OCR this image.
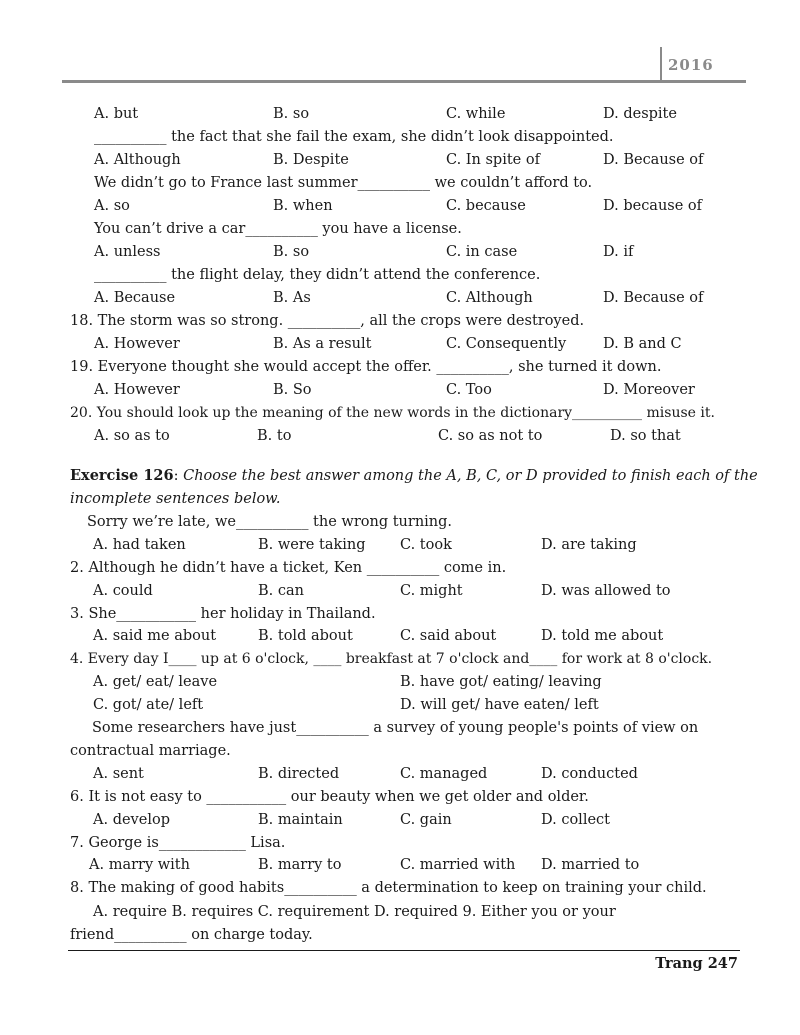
2016
A. but	B. so	C. while	D. despite
__________ the fact that she fail the exam, she didn’t look disappointed.
A. Although	B. Despite	C. In spite of	D. Because of
We didn’t go to France last summer__________ we couldn’t afford to.
A. so	B. when	C. because	D. because of
You can’t drive a car__________ you have a license.
A. unless	B. so	C. in case	D. if
__________ the flight delay, they didn’t attend the conference.
A. Because	B. As	C. Although	D. Because of
18. The storm was so strong. __________, all the crops were destroyed.
A. However	B. As a result	C. Consequently	D. B and C
19. Everyone thought she would accept the offer. __________, she turned it down.
A. However	B. So	C. Too	D. Moreover
20. You should look up the meaning of the new words in the dictionary__________ misuse it.
A. so as to	B. to	C. so as not to	D. so that
Exercise 126: Choose the best answer among the A, B, C, or D provided to finish each of the
incomplete sentences below.
Sorry we’re late, we__________ the wrong turning.
A. had taken	B. were taking C. took	D. are taking
2. Although he didn’t have a ticket, Ken __________ come in.
A. could	B. can	C. might	D. was allowed to
3. She___________ her holiday in Thailand.
A. said me about	B. told about	C. said about	D. told me about
4. Every day I____ up at 6 o'clock, ____ breakfast at 7 o'clock and____ for work at 8 o'clock.
A. get/ eat/ leave	B. have got/ eating/ leaving
C. got/ ate/ left	D. will get/ have eaten/ left
Some researchers have just__________ a survey of young people's points of view on
contractual marriage.
A. sent	B. directed	C. managed	D. conducted
6. It is not easy to ___________ our beauty when we get older and older.
A. develop	B. maintain	C. gain	D. collect
7. George is____________ Lisa.
A. marry with	B. marry to	C. married with D. married to
8. The making of good habits__________ a determination to keep on training your child.
A. require B. requires C. requirement D. required 9. Either you or your
friend__________ on charge today.
Trang 247
